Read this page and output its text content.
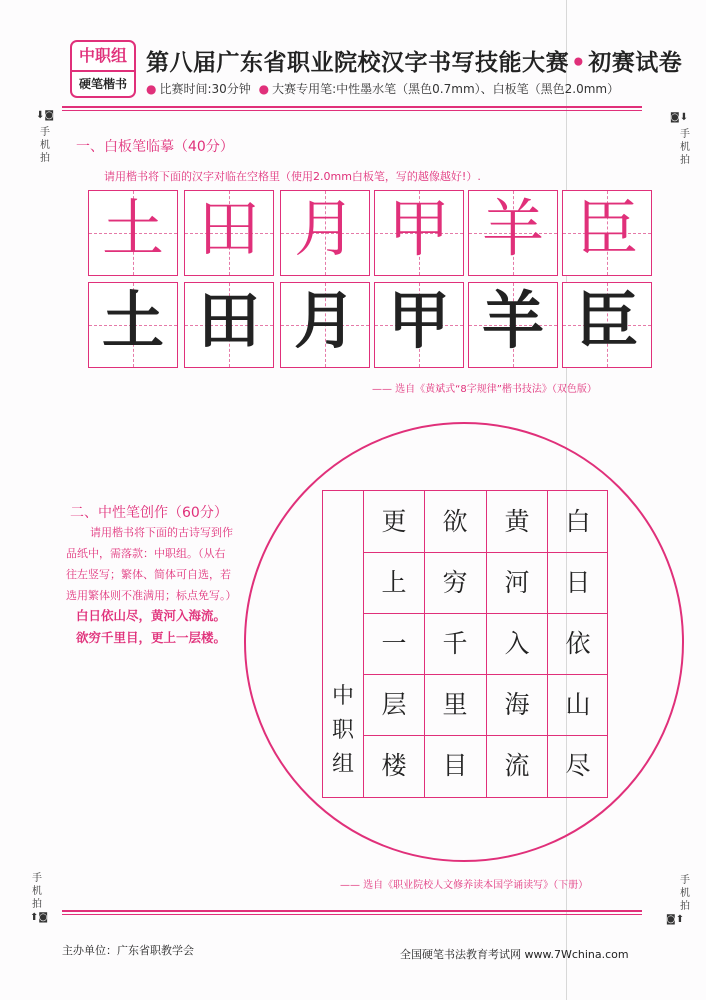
中职组
硬笔楷书
第八届广东省职业院校汉字书写技能大赛•初赛试卷
● 比赛时间:30分钟 ● 大赛专用笔:中性墨水笔（黑色0.7mm）、白板笔（黑色2.0mm）
⬇◙
手机拍
◙⬇
手机拍
手机拍
⬆◙
手机拍
◙⬆
一、白板笔临摹（40分）
请用楷书将下面的汉字对临在空格里（使用2.0mm白板笔，写的越像越好!）.
土 田 月 甲 羊 臣
土 田 月 甲 羊 臣
—— 选自《黄斌式“8字规律”楷书技法》（双色版）
二、中性笔创作（60分）
请用楷书将下面的古诗写到作
品纸中，需落款：中职组。（从右
往左竖写；繁体、简体可自选，若
选用繁体则不准满用；标点免写。）
白日依山尽，黄河入海流。
欲穷千里目，更上一层楼。
更
上
一
层
楼
欲
穷
千
里
目
黄
河
入
海
流
白
日
依
山
尽
中
职
组
—— 选自《职业院校人文修养读本国学诵读写》（下册）
主办单位：广东省职教学会	全国硬笔书法教育考试网 www.7Wchina.com
